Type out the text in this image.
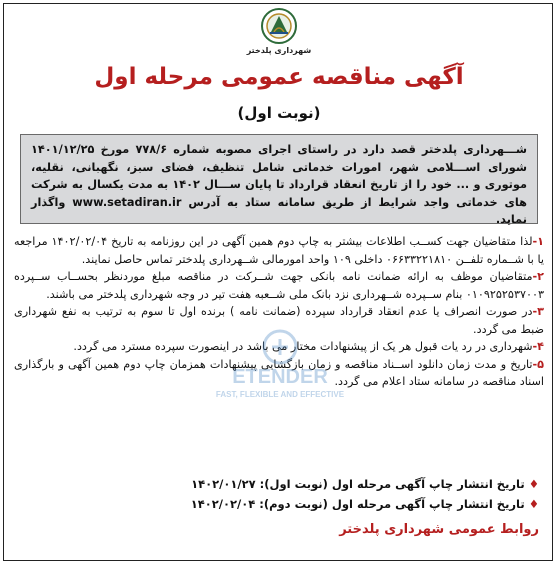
شهرداری پلدختر
آگهی مناقصه عمومی مرحله اول
(نوبت اول)
شـــهرداری پلدختر قصد دارد در راستای اجرای مصوبه شماره ۷۷۸/۶ مورخ ۱۴۰۱/۱۲/۲۵ شورای اســـلامی شهر، امورات خدماتی شامل تنظیف، فضای سبز، نگهبانی، نقلیه، موتوری و ... خود را از تاریخ انعقاد قرارداد تا پایان ســـال ۱۴۰۲ به مدت یکسال به شرکت های خدماتی واجد شرایط از طریق سامانه ستاد به آدرس www.setadiran.ir واگذار نماید.

۱-لذا متقاضیان جهت کســب اطلاعات بیشتر به چاپ دوم همین آگهی در این روزنامه به تاریخ ۱۴۰۲/۰۲/۰۴ مراجعه یا با شــماره تلفــن ۰۶۶۳۳۲۲۱۸۱۰ داخلی ۱۰۹ واحد امورمالی شــهرداری پلدختر تماس حاصل نمایند.

۲-متقاضیان موظف به ارائه ضمانت نامه بانکی جهت شــرکت در مناقصه مبلغ موردنظر بحســاب ســپرده ۰۱۰۹۲۵۲۵۳۷۰۰۳ بنام ســپرده شــهرداری نزد بانک ملی شــعبه هفت تیر در وجه شهرداری پلدختر می باشند.

۳-در صورت انصراف یا عدم انعقاد قرارداد سپرده (ضمانت نامه ) برنده اول تا سوم به ترتیب به نفع شهرداری ضبط می گردد.

۴-شهرداری در رد یات قبول هر یک از پیشنهادات مختار می باشد در اینصورت سپرده مسترد می گردد.

۵-تاریخ و مدت زمان دانلود اســناد مناقصه و زمان بازگشایی پیشنهادات همزمان چاپ دوم همین آگهی و بارگذاری اسناد مناقصه در سامانه ستاد اعلام می گردد.

ETENDER
FAST, FLEXIBLE AND EFFECTIVE
♦ تاریخ انتشار چاپ آگهی مرحله اول (نوبت اول): ۱۴۰۲/۰۱/۲۷
♦ تاریخ انتشار چاپ آگهی مرحله اول (نوبت دوم): ۱۴۰۲/۰۲/۰۴
روابط عمومی شهرداری پلدختر
